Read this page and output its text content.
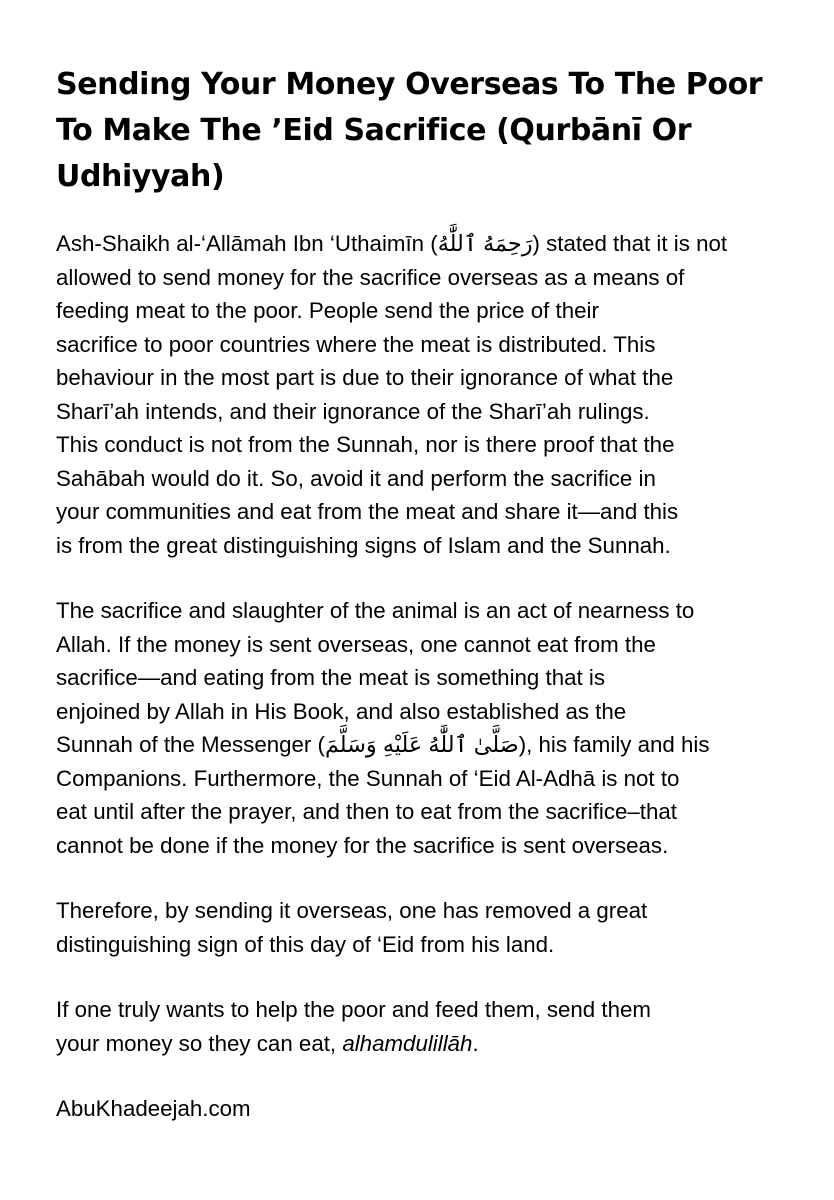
Sending Your Money Overseas To The Poor
To Make The ’Eid Sacrifice (Qurbānī Or
Udhiyyah)

Ash-Shaikh al-‘Allāmah Ibn ‘Uthaimīn (رَحِمَهُ ٱللَّٰهُ) stated that it is not
allowed to send money for the sacrifice overseas as a means of
feeding meat to the poor. People send the price of their
sacrifice to poor countries where the meat is distributed. This
behaviour in the most part is due to their ignorance of what the
Sharī’ah intends, and their ignorance of the Sharī’ah rulings.
This conduct is not from the Sunnah, nor is there proof that the
Sahābah would do it. So, avoid it and perform the sacrifice in
your communities and eat from the meat and share it—and this
is from the great distinguishing signs of Islam and the Sunnah.

The sacrifice and slaughter of the animal is an act of nearness to
Allah. If the money is sent overseas, one cannot eat from the
sacrifice—and eating from the meat is something that is
enjoined by Allah in His Book, and also established as the
Sunnah of the Messenger (صَلَّىٰ ٱللَّٰهُ عَلَيْهِ وَسَلَّمَ), his family and his
Companions. Furthermore, the Sunnah of ‘Eid Al-Adhā is not to
eat until after the prayer, and then to eat from the sacrifice–that
cannot be done if the money for the sacrifice is sent overseas.

Therefore, by sending it overseas, one has removed a great
distinguishing sign of this day of ‘Eid from his land.

If one truly wants to help the poor and feed them, send them
your money so they can eat, alhamdulillāh.

AbuKhadeejah.com
